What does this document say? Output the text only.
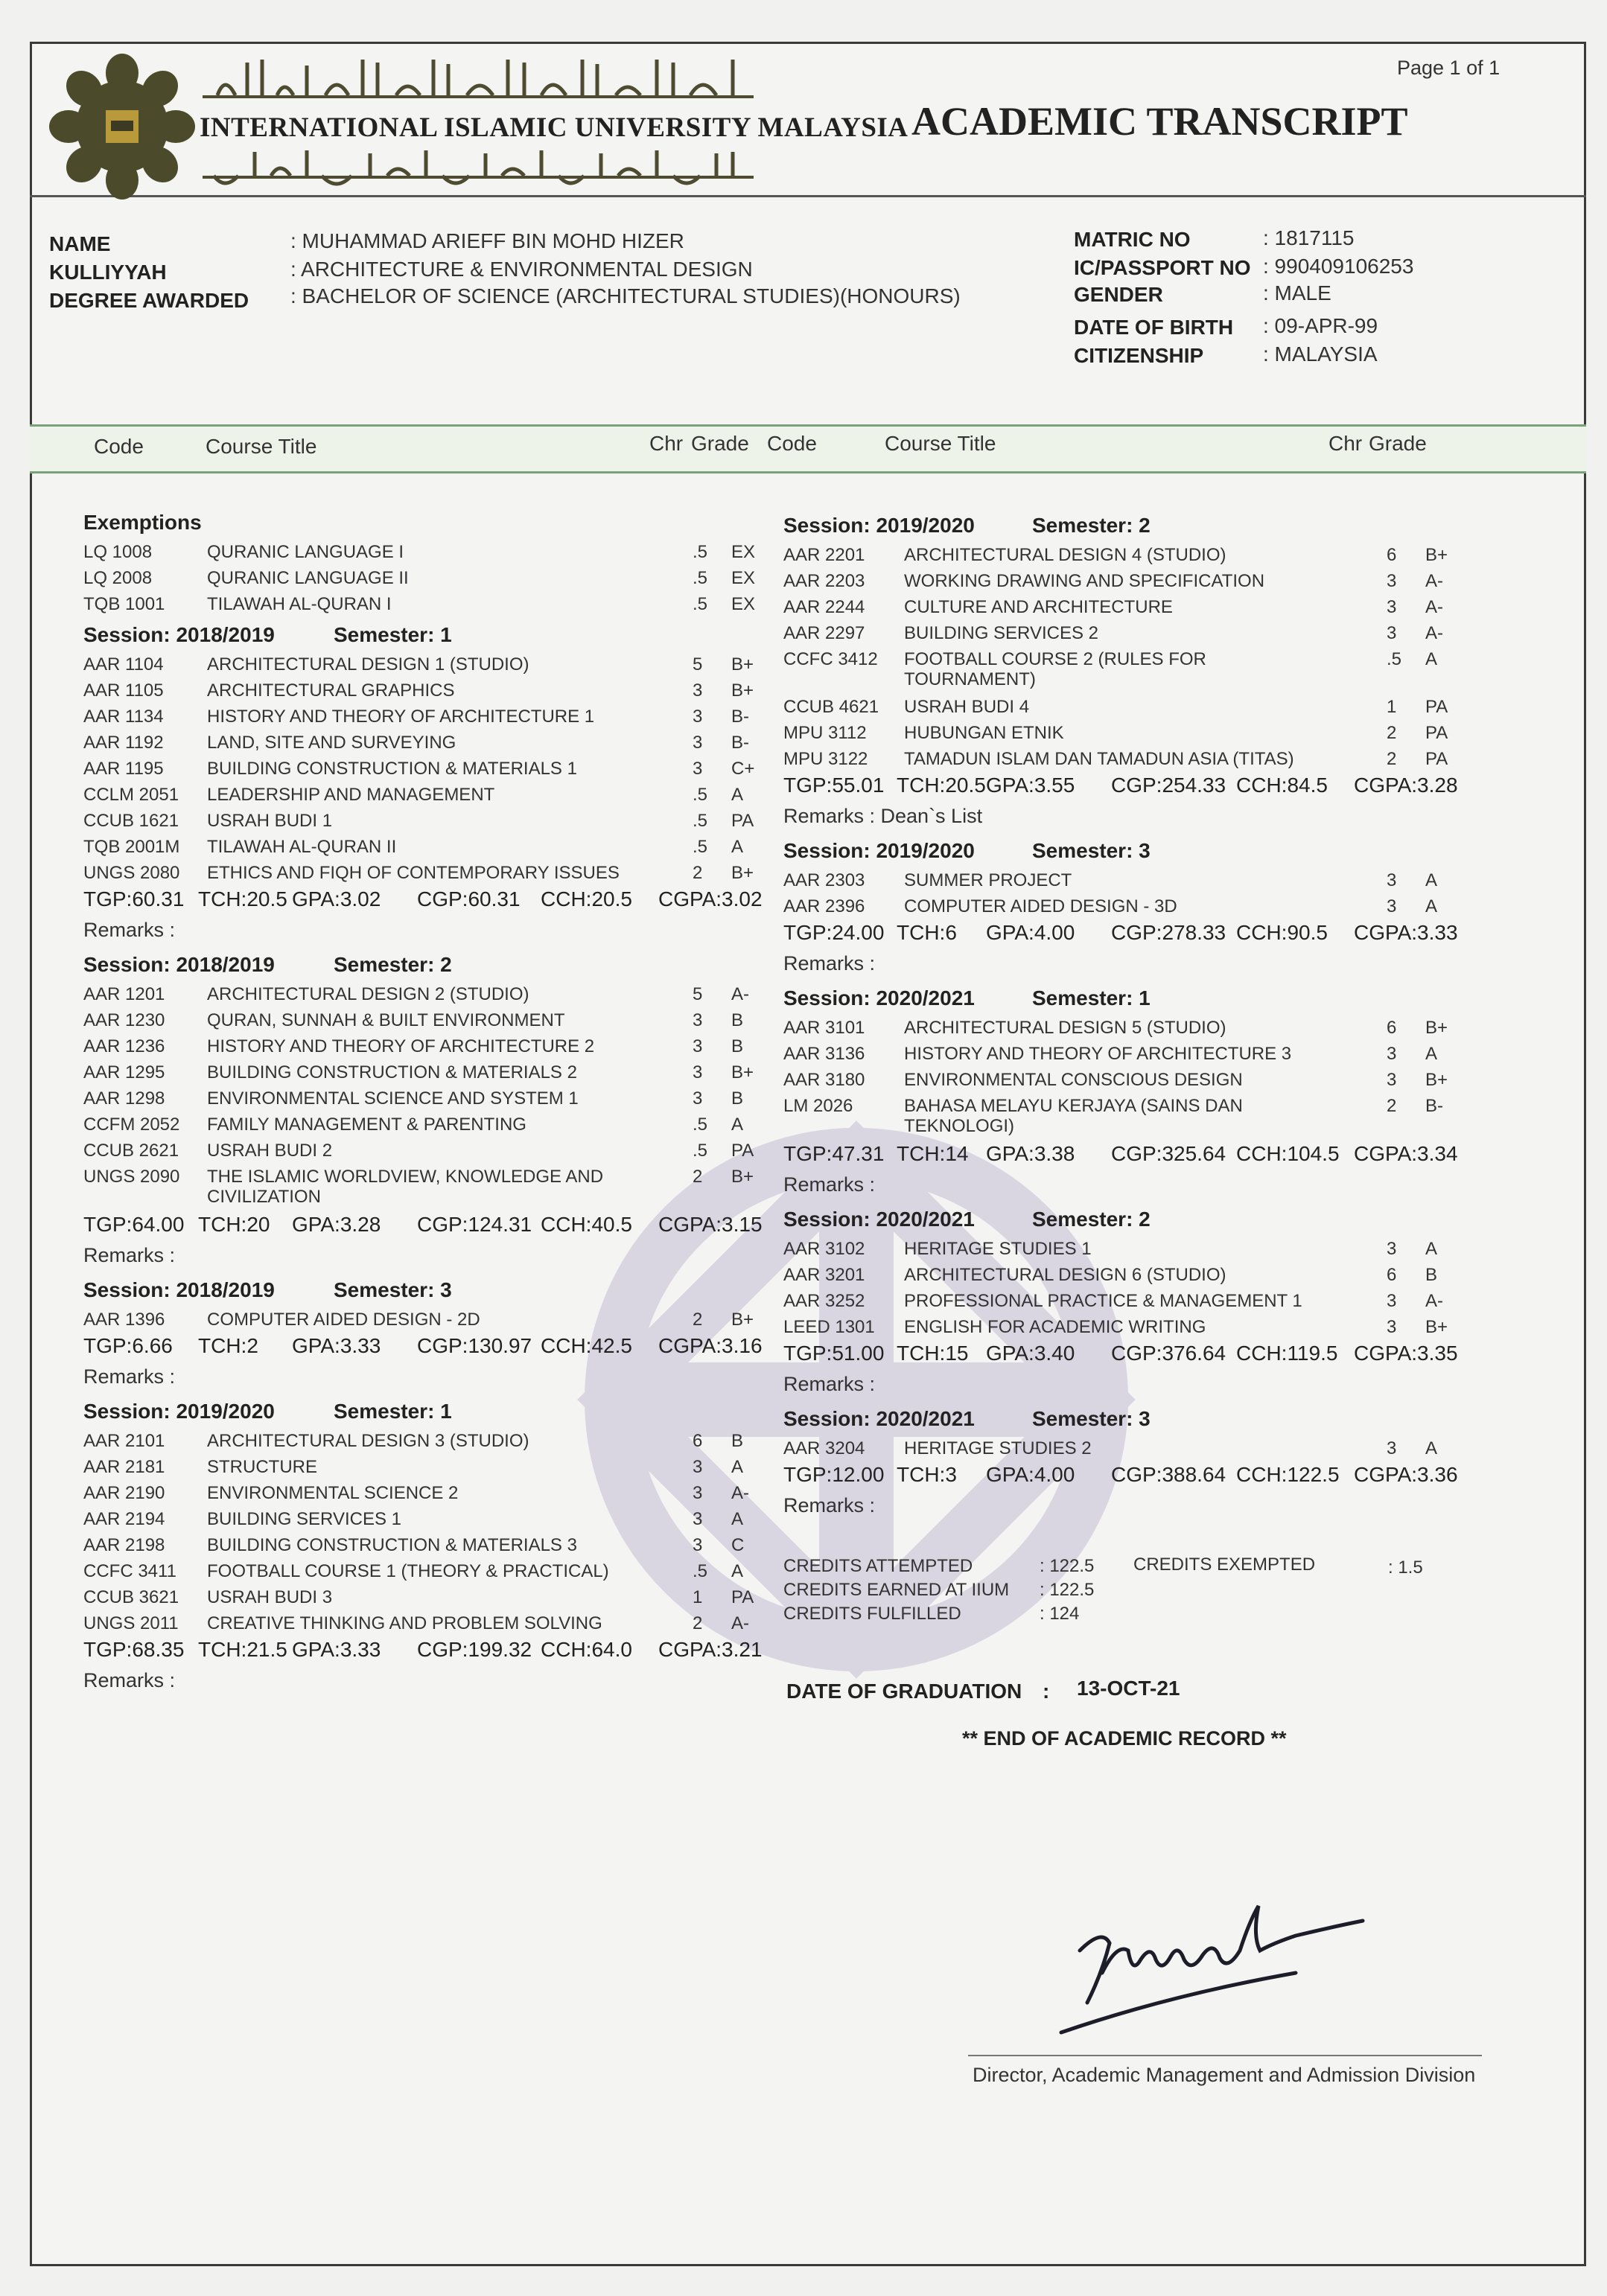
INTERNATIONAL ISLAMIC UNIVERSITY MALAYSIA
Page 1 of 1
ACADEMIC TRANSCRIPT
NAME	: MUHAMMAD ARIEFF BIN MOHD HIZER
KULLIYYAH	: ARCHITECTURE & ENVIRONMENTAL DESIGN
DEGREE AWARDED : BACHELOR OF SCIENCE (ARCHITECTURAL STUDIES)(HONOURS)
MATRIC NO	: 1817115
IC/PASSPORT NO : 990409106253
GENDER	: MALE
DATE OF BIRTH : 09-APR-99
CITIZENSHIP	: MALAYSIA
Code	Course Title	Chr Grade Code	Course Title	Chr Grade
Exemptions
LQ 1008	QURANIC LANGUAGE I	.5 EX
LQ 2008	QURANIC LANGUAGE II	.5 EX
TQB 1001 TILAWAH AL-QURAN I	.5 EX
Session: 2018/2019	Semester: 1
AAR 1104 ARCHITECTURAL DESIGN 1 (STUDIO)	5 B+
AAR 1105 ARCHITECTURAL GRAPHICS	3 B+
AAR 1134 HISTORY AND THEORY OF ARCHITECTURE 1	3 B-
AAR 1192 LAND, SITE AND SURVEYING	3 B-
AAR 1195 BUILDING CONSTRUCTION & MATERIALS 1	3 C+
CCLM 2051 LEADERSHIP AND MANAGEMENT	.5 A
CCUB 1621 USRAH BUDI 1	.5 PA
TQB 2001M TILAWAH AL-QURAN II	.5 A
UNGS 2080 ETHICS AND FIQH OF CONTEMPORARY ISSUES	2 B+
TGP:60.31 TCH:20.5 GPA:3.02 CGP:60.31 CCH:20.5 CGPA:3.02
Remarks :
Session: 2018/2019	Semester: 2
AAR 1201 ARCHITECTURAL DESIGN 2 (STUDIO)	5 A-
AAR 1230 QURAN, SUNNAH & BUILT ENVIRONMENT	3 B
AAR 1236 HISTORY AND THEORY OF ARCHITECTURE 2	3 B
AAR 1295 BUILDING CONSTRUCTION & MATERIALS 2	3 B+
AAR 1298 ENVIRONMENTAL SCIENCE AND SYSTEM 1	3 B
CCFM 2052 FAMILY MANAGEMENT & PARENTING	.5 A
CCUB 2621 USRAH BUDI 2	.5 PA
UNGS 2090 THE ISLAMIC WORLDVIEW, KNOWLEDGE AND CIVILIZATION
2 B+
TGP:64.00 TCH:20 GPA:3.28 CGP:124.31 CCH:40.5 CGPA:3.15
Remarks :
Session: 2018/2019	Semester: 3
AAR 1396 COMPUTER AIDED DESIGN - 2D	2 B+
TGP:6.66 TCH:2 GPA:3.33 CGP:130.97 CCH:42.5 CGPA:3.16
Remarks :
Session: 2019/2020	Semester: 1
AAR 2101 ARCHITECTURAL DESIGN 3 (STUDIO)	6 B
AAR 2181 STRUCTURE	3 A
AAR 2190 ENVIRONMENTAL SCIENCE 2	3 A-
AAR 2194 BUILDING SERVICES 1	3 A
AAR 2198 BUILDING CONSTRUCTION & MATERIALS 3	3 C
CCFC 3411 FOOTBALL COURSE 1 (THEORY & PRACTICAL)	.5 A
CCUB 3621 USRAH BUDI 3	1 PA
UNGS 2011 CREATIVE THINKING AND PROBLEM SOLVING	2 A-
TGP:68.35 TCH:21.5 GPA:3.33 CGP:199.32 CCH:64.0 CGPA:3.21
Remarks :
Session: 2019/2020	Semester: 2
AAR 2201 ARCHITECTURAL DESIGN 4 (STUDIO)	6 B+
AAR 2203 WORKING DRAWING AND SPECIFICATION	3 A-
AAR 2244 CULTURE AND ARCHITECTURE	3 A-
AAR 2297 BUILDING SERVICES 2	3 A-
CCFC 3412 FOOTBALL COURSE 2 (RULES FOR TOURNAMENT)
.5 A
CCUB 4621 USRAH BUDI 4	1 PA
MPU 3112 HUBUNGAN ETNIK	2 PA
MPU 3122 TAMADUN ISLAM DAN TAMADUN ASIA (TITAS)	2 PA
TGP:55.01 TCH:20.5 GPA:3.55 CGP:254.33 CCH:84.5 CGPA:3.28
Remarks : Dean`s List
Session: 2019/2020	Semester: 3
AAR 2303 SUMMER PROJECT	3 A
AAR 2396 COMPUTER AIDED DESIGN - 3D	3 A
TGP:24.00 TCH:6 GPA:4.00 CGP:278.33 CCH:90.5 CGPA:3.33
Remarks :
Session: 2020/2021	Semester: 1
AAR 3101 ARCHITECTURAL DESIGN 5 (STUDIO)	6 B+
AAR 3136 HISTORY AND THEORY OF ARCHITECTURE 3	3 A
AAR 3180 ENVIRONMENTAL CONSCIOUS DESIGN	3 B+
LM 2026	BAHASA MELAYU KERJAYA (SAINS DAN TEKNOLOGI)
2 B-
TGP:47.31 TCH:14 GPA:3.38 CGP:325.64 CCH:104.5 CGPA:3.34
Remarks :
Session: 2020/2021	Semester: 2
AAR 3102 HERITAGE STUDIES 1	3 A
AAR 3201 ARCHITECTURAL DESIGN 6 (STUDIO)	6 B
AAR 3252 PROFESSIONAL PRACTICE & MANAGEMENT 1	3 A-
LEED 1301 ENGLISH FOR ACADEMIC WRITING	3 B+
TGP:51.00 TCH:15 GPA:3.40 CGP:376.64 CCH:119.5 CGPA:3.35
Remarks :
Session: 2020/2021	Semester: 3
AAR 3204 HERITAGE STUDIES 2	3 A
TGP:12.00 TCH:3 GPA:4.00 CGP:388.64 CCH:122.5 CGPA:3.36
Remarks :
CREDITS ATTEMPTED	: 122.5 CREDITS EXEMPTED	: 1.5
CREDITS EARNED AT IIUM : 122.5
CREDITS FULFILLED	: 124
DATE OF GRADUATION : 13-OCT-21
** END OF ACADEMIC RECORD **
Director, Academic Management and Admission Division
